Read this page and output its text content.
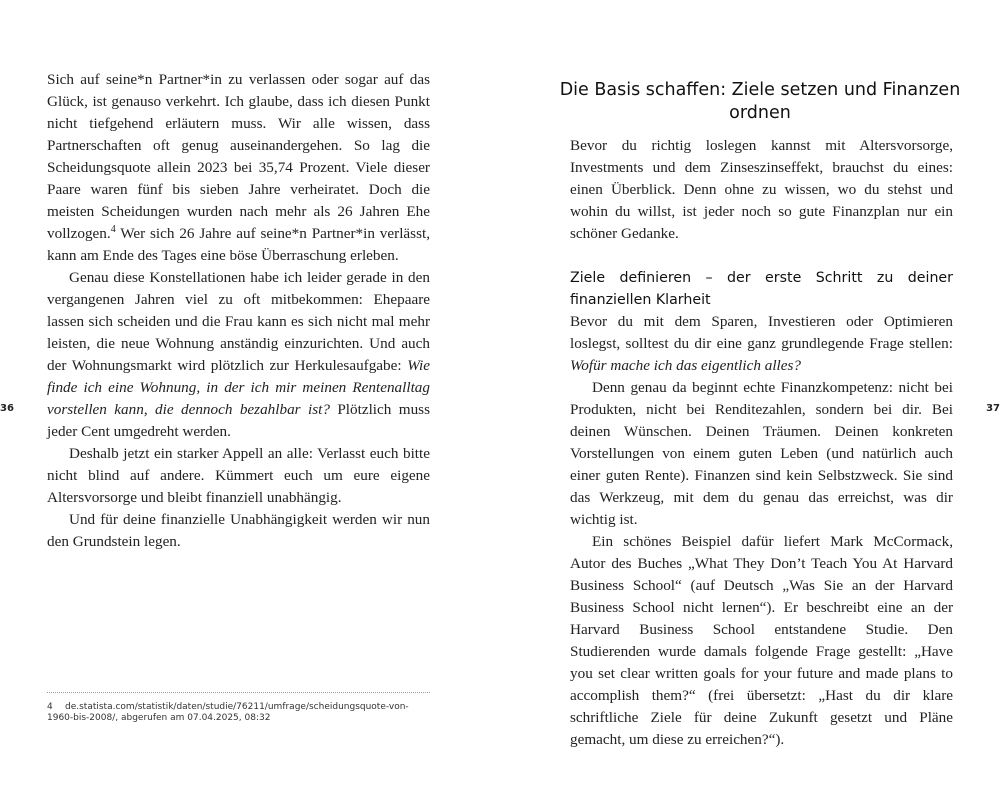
Sich auf seine*n Partner*in zu verlassen oder sogar auf das Glück, ist genauso verkehrt. Ich glaube, dass ich diesen Punkt nicht tiefgehend erläutern muss. Wir alle wissen, dass Partnerschaften oft genug auseinandergehen. So lag die Scheidungsquote allein 2023 bei 35,74 Prozent. Viele dieser Paare waren fünf bis sieben Jahre verheiratet. Doch die meisten Scheidungen wurden nach mehr als 26 Jahren Ehe vollzogen.$^4$ Wer sich 26 Jahre auf seine*n Partner*in verlässt, kann am Ende des Tages eine böse Überraschung erleben.

Genau diese Konstellationen habe ich leider gerade in den vergangenen Jahren viel zu oft mitbekommen: Ehepaare lassen sich scheiden und die Frau kann es sich nicht mal mehr leisten, die neue Wohnung anständig einzurichten. Und auch der Wohnungsmarkt wird plötzlich zur Herkulesaufgabe: Wie finde ich eine Wohnung, in der ich mir meinen Rentenalltag vorstellen kann, die dennoch bezahlbar ist? Plötzlich muss jeder Cent umgedreht werden.

Deshalb jetzt ein starker Appell an alle: Verlasst euch bitte nicht blind auf andere. Kümmert euch um eure eigene Altersvorsorge und bleibt finanziell unabhängig.

Und für deine finanzielle Unabhängigkeit werden wir nun den Grundstein legen.

36
4 de.statista.com/statistik/daten/studie/76211/umfrage/scheidungsquote-von-1960-bis-2008/, abgerufen am 07.04.2025, 08:32
Die Basis schaffen: Ziele setzen und Finanzen ordnen

Bevor du richtig loslegen kannst mit Altersvorsorge, Investments und dem Zinseszinseffekt, brauchst du eines: einen Überblick. Denn ohne zu wissen, wo du stehst und wohin du willst, ist jeder noch so gute Finanzplan nur ein schöner Gedanke.

Ziele definieren – der erste Schritt zu deiner finanziellen Klarheit

Bevor du mit dem Sparen, Investieren oder Optimieren loslegst, solltest du dir eine ganz grundlegende Frage stellen: Wofür mache ich das eigentlich alles?

Denn genau da beginnt echte Finanzkompetenz: nicht bei Produkten, nicht bei Renditezahlen, sondern bei dir. Bei deinen Wünschen. Deinen Träumen. Deinen konkreten Vorstellungen von einem guten Leben (und natürlich auch einer guten Rente). Finanzen sind kein Selbstzweck. Sie sind das Werkzeug, mit dem du genau das erreichst, was dir wichtig ist.

Ein schönes Beispiel dafür liefert Mark McCormack, Autor des Buches „What They Don’t Teach You At Harvard Business School“ (auf Deutsch „Was Sie an der Harvard Business School nicht lernen“). Er beschreibt eine an der Harvard Business School entstandene Studie. Den Studierenden wurde damals folgende Frage gestellt: „Have you set clear written goals for your future and made plans to accomplish them?“ (frei übersetzt: „Hast du dir klare schriftliche Ziele für deine Zukunft gesetzt und Pläne gemacht, um diese zu erreichen?“).

37
